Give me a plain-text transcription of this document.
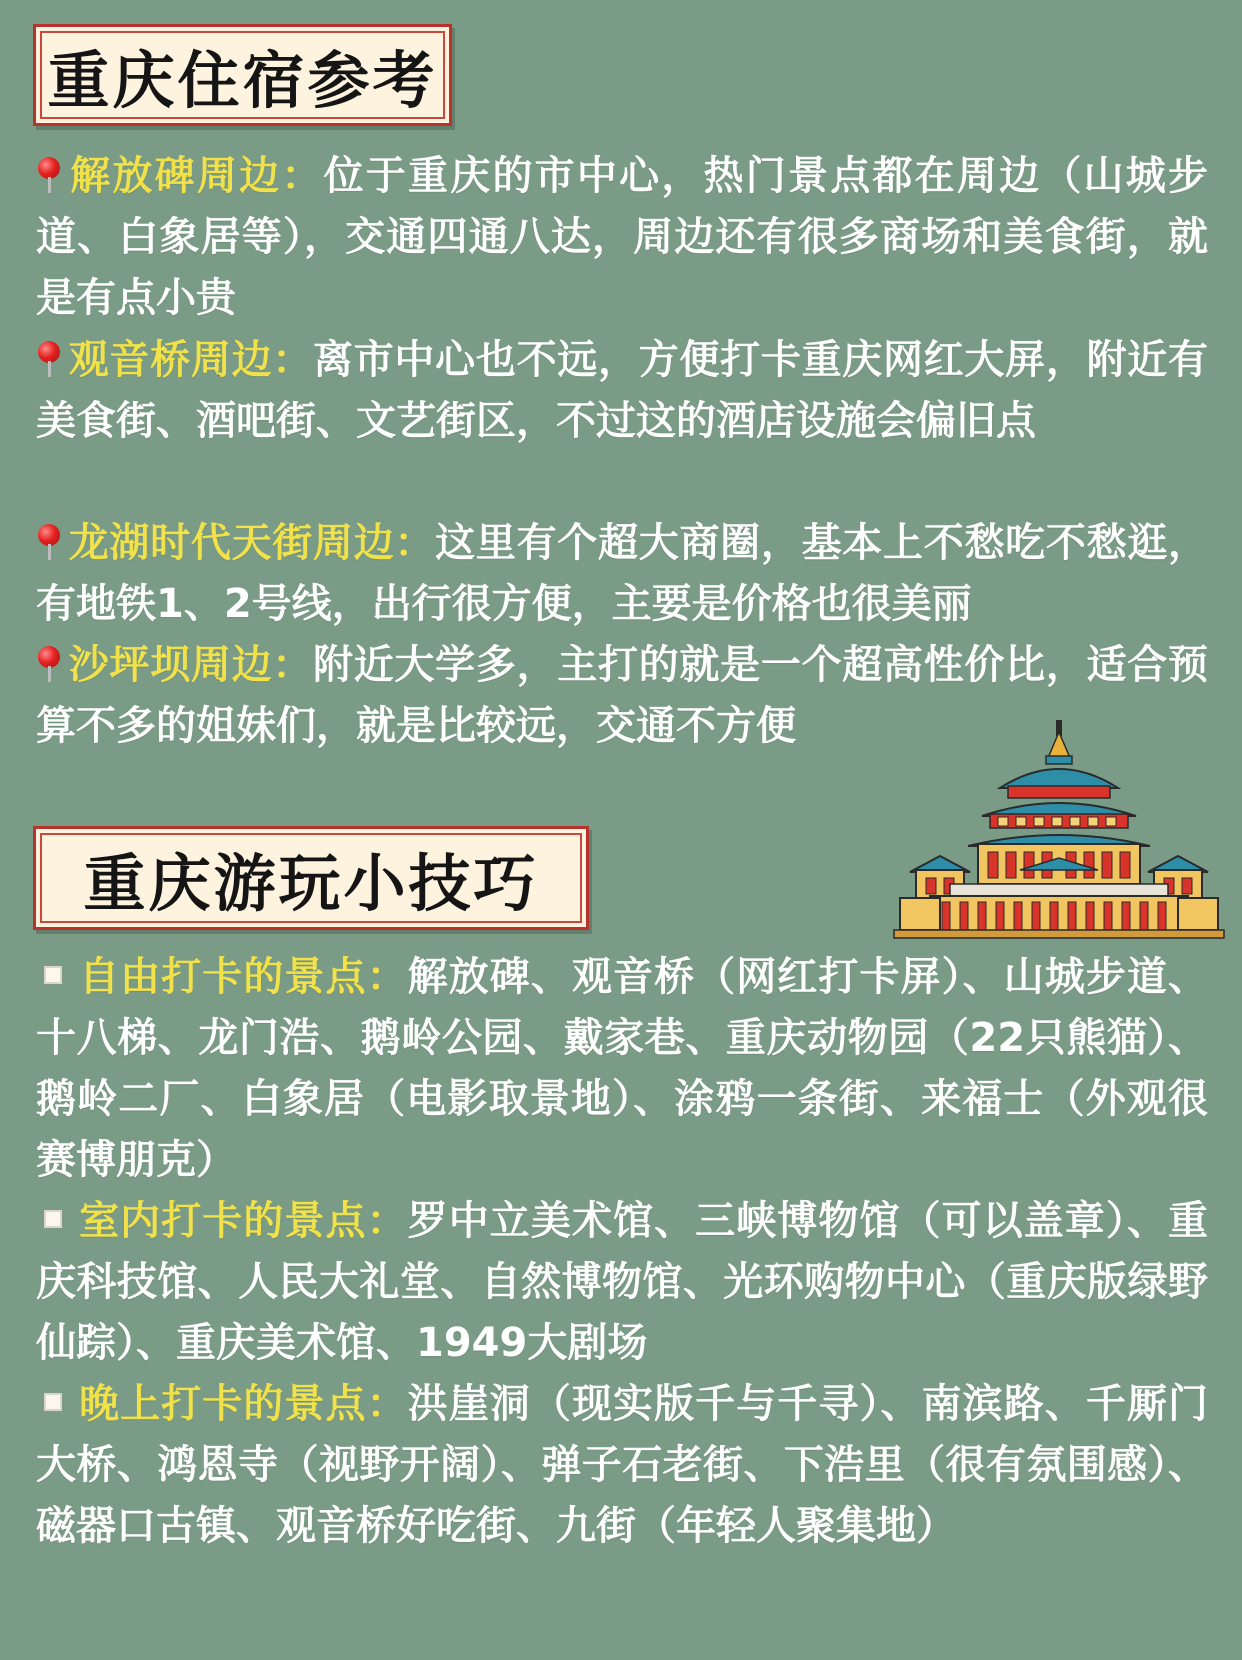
重庆住宿参考
解放碑周边：位于重庆的市中心，热门景点都在周边（山城步道、白象居等），交通四通八达，周边还有很多商场和美食街，就是有点小贵
观音桥周边：离市中心也不远，方便打卡重庆网红大屏，附近有美食街、酒吧街、文艺街区，不过这的酒店设施会偏旧点
龙湖时代天街周边：这里有个超大商圈，基本上不愁吃不愁逛，有地铁1、2号线，出行很方便，主要是价格也很美丽
沙坪坝周边：附近大学多，主打的就是一个超高性价比，适合预算不多的姐妹们，就是比较远，交通不方便
重庆游玩小技巧
自由打卡的景点：解放碑、观音桥（网红打卡屏）、山城步道、十八梯、龙门浩、鹅岭公园、戴家巷、重庆动物园（22只熊猫）、鹅岭二厂、白象居（电影取景地）、涂鸦一条街、来福士（外观很赛博朋克）
室内打卡的景点：罗中立美术馆、三峡博物馆（可以盖章）、重庆科技馆、人民大礼堂、自然博物馆、光环购物中心（重庆版绿野仙踪）、重庆美术馆、1949大剧场
晚上打卡的景点：洪崖洞（现实版千与千寻）、南滨路、千厮门大桥、鸿恩寺（视野开阔）、弹子石老街、下浩里（很有氛围感）、磁器口古镇、观音桥好吃街、九街（年轻人聚集地）
